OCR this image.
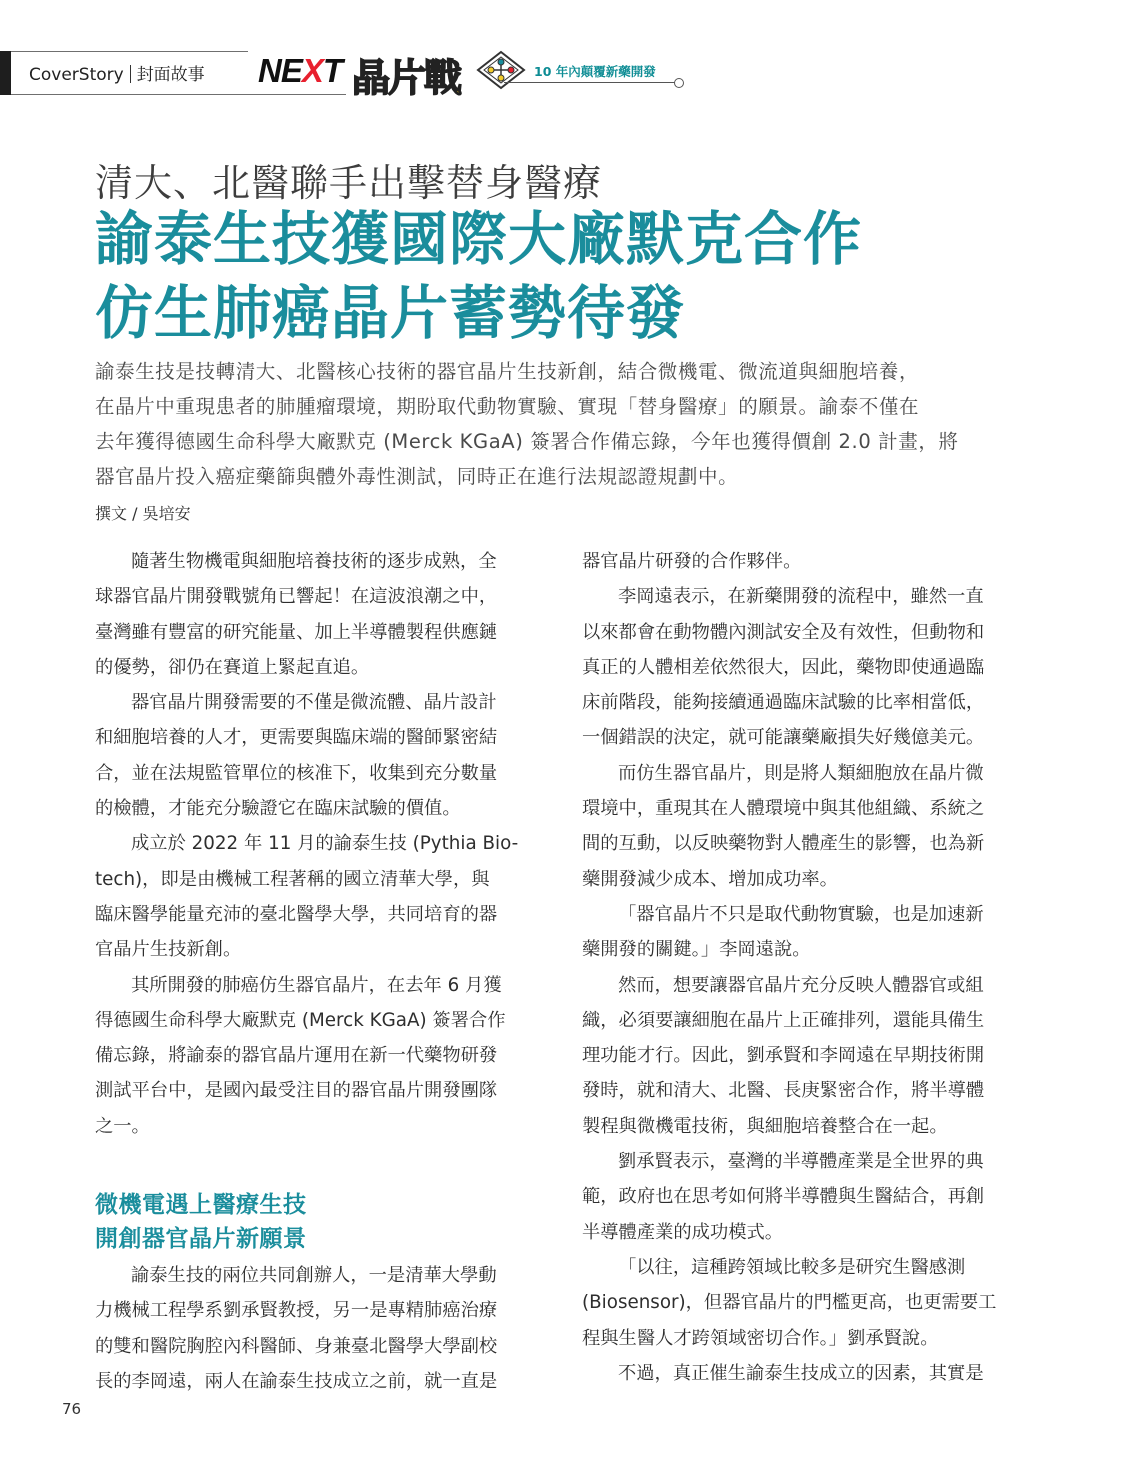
CoverStory 封面故事 NEXT 晶片戰	10 年內顛覆新藥開發
清大、北醫聯手出擊替身醫療
諭泰生技獲國際大廠默克合作
仿生肺癌晶片蓄勢待發
諭泰生技是技轉清大、北醫核心技術的器官晶片生技新創，結合微機電、微流道與細胞培養，
在晶片中重現患者的肺腫瘤環境，期盼取代動物實驗、實現「替身醫療」的願景。諭泰不僅在
去年獲得德國生命科學大廠默克 (Merck KGaA) 簽署合作備忘錄，今年也獲得價創 2.0 計畫，將
器官晶片投入癌症藥篩與體外毒性測試，同時正在進行法規認證規劃中。
撰文 / 吳培安
隨著生物機電與細胞培養技術的逐步成熟，全
球器官晶片開發戰號角已響起！在這波浪潮之中，
臺灣雖有豐富的研究能量、加上半導體製程供應鏈
的優勢，卻仍在賽道上緊起直追。
器官晶片開發需要的不僅是微流體、晶片設計
和細胞培養的人才，更需要與臨床端的醫師緊密結
合，並在法規監管單位的核准下，收集到充分數量
的檢體，才能充分驗證它在臨床試驗的價值。
成立於 2022 年 11 月的諭泰生技 (Pythia Bio-
tech)，即是由機械工程著稱的國立清華大學，與
臨床醫學能量充沛的臺北醫學大學，共同培育的器
官晶片生技新創。
其所開發的肺癌仿生器官晶片，在去年 6 月獲
得德國生命科學大廠默克 (Merck KGaA) 簽署合作
備忘錄，將諭泰的器官晶片運用在新一代藥物研發
測試平台中，是國內最受注目的器官晶片開發團隊
之一。
微機電遇上醫療生技
開創器官晶片新願景
諭泰生技的兩位共同創辦人，一是清華大學動
力機械工程學系劉承賢教授，另一是專精肺癌治療
的雙和醫院胸腔內科醫師、身兼臺北醫學大學副校
長的李岡遠，兩人在諭泰生技成立之前，就一直是
器官晶片研發的合作夥伴。
李岡遠表示，在新藥開發的流程中，雖然一直
以來都會在動物體內測試安全及有效性，但動物和
真正的人體相差依然很大，因此，藥物即使通過臨
床前階段，能夠接續通過臨床試驗的比率相當低，
一個錯誤的決定，就可能讓藥廠損失好幾億美元。
而仿生器官晶片，則是將人類細胞放在晶片微
環境中，重現其在人體環境中與其他組織、系統之
間的互動，以反映藥物對人體產生的影響，也為新
藥開發減少成本、增加成功率。
「器官晶片不只是取代動物實驗，也是加速新
藥開發的關鍵。」李岡遠說。
然而，想要讓器官晶片充分反映人體器官或組
織，必須要讓細胞在晶片上正確排列，還能具備生
理功能才行。因此，劉承賢和李岡遠在早期技術開
發時，就和清大、北醫、長庚緊密合作，將半導體
製程與微機電技術，與細胞培養整合在一起。
劉承賢表示，臺灣的半導體產業是全世界的典
範，政府也在思考如何將半導體與生醫結合，再創
半導體產業的成功模式。
「以往，這種跨領域比較多是研究生醫感測
(Biosensor)，但器官晶片的門檻更高，也更需要工
程與生醫人才跨領域密切合作。」劉承賢說。
不過，真正催生諭泰生技成立的因素，其實是
76
